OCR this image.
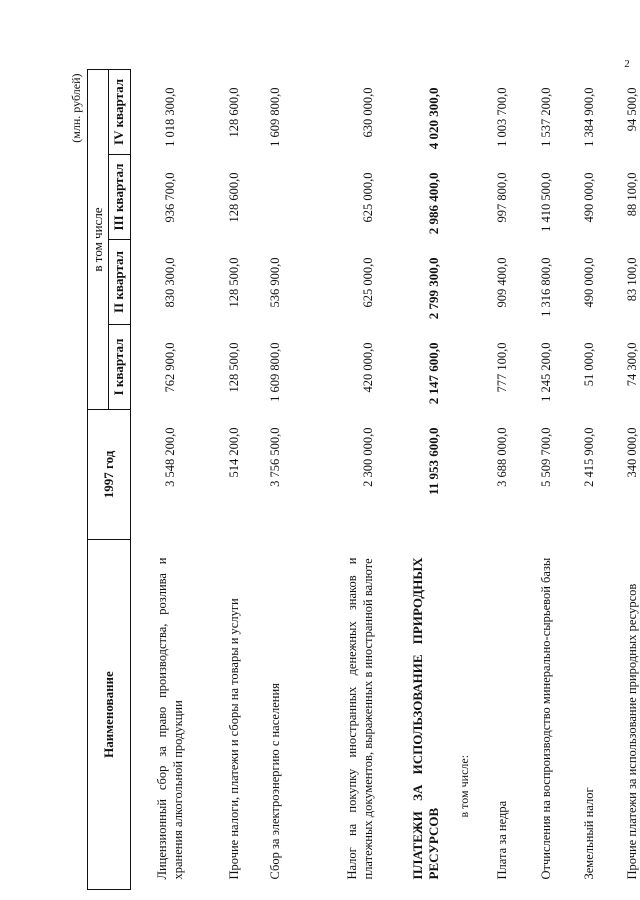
2
(млн. рублей)					
Наименование	1997 год	в том числе			
		I квартал	II квартал	III квартал	IV квартал
Лицензионный сбор за право производства, розлива и хранения алкогольной продукции	3 548 200,0	762 900,0	830 300,0	936 700,0	1 018 300,0
Прочие налоги, платежи и сборы на товары и услуги	514 200,0	128 500,0	128 500,0	128 600,0	128 600,0
Сбор за электроэнергию с населения	3 756 500,0	1 609 800,0	536 900,0		1 609 800,0
Налог на покупку иностранных денежных знаков и платежных документов, выраженных в иностранной валюте	2 300 000,0	420 000,0	625 000,0	625 000,0	630 000,0
ПЛАТЕЖИ ЗА ИСПОЛЬЗОВАНИЕ ПРИРОДНЫХ РЕСУРСОВ	11 953 600,0	2 147 600,0	2 799 300,0	2 986 400,0	4 020 300,0
в том числе:					
Плата за недра	3 688 000,0	777 100,0	909 400,0	997 800,0	1 003 700,0
Отчисления на воспроизводство минерально-сырьевой базы	5 509 700,0	1 245 200,0	1 316 800,0	1 410 500,0	1 537 200,0
Земельный налог	2 415 900,0	51 000,0	490 000,0	490 000,0	1 384 900,0
Прочие платежи за использование природных ресурсов	340 000,0	74 300,0	83 100,0	88 100,0	94 500,0
